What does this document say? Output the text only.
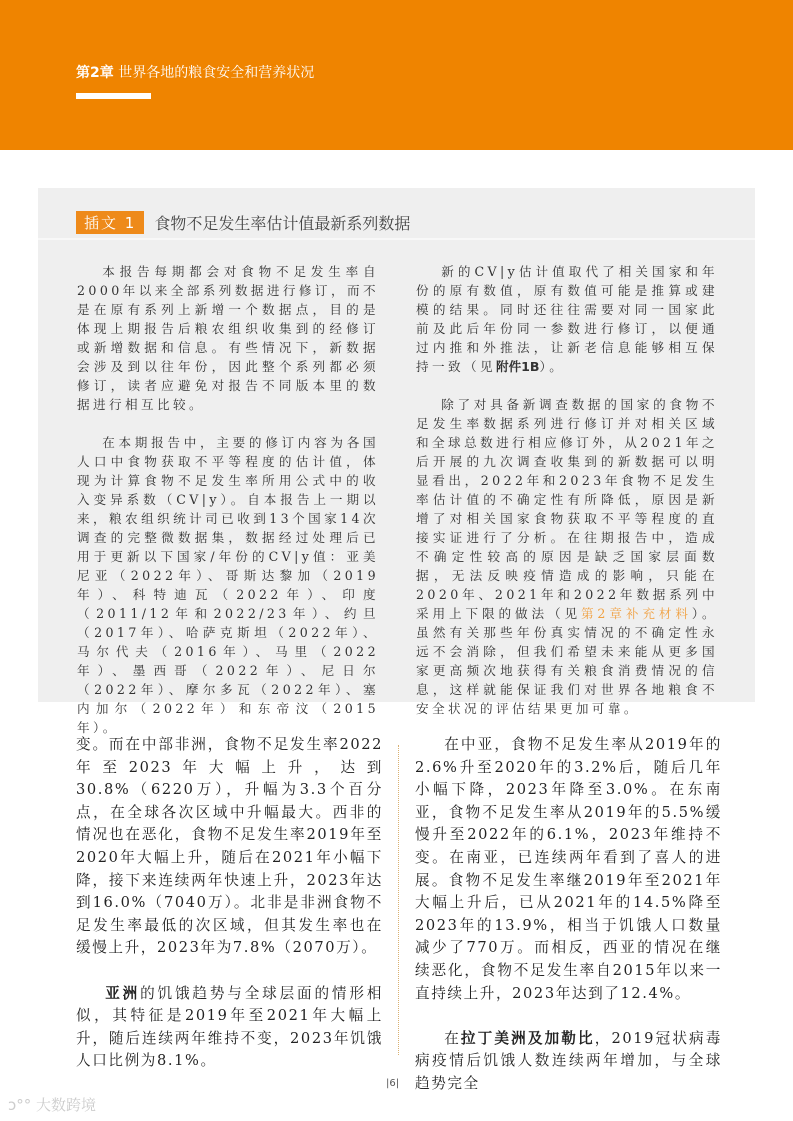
第2章 世界各地的粮食安全和营养状况
插文 1	食物不足发生率估计值最新系列数据

本报告每期都会对食物不足发生率自2000年以来全部系列数据进行修订，而不是在原有系列上新增一个数据点，目的是体现上期报告后粮农组织收集到的经修订或新增数据和信息。有些情况下，新数据会涉及到以往年份，因此整个系列都必须修订，读者应避免对报告不同版本里的数据进行相互比较。

在本期报告中，主要的修订内容为各国人口中食物获取不平等程度的估计值，体现为计算食物不足发生率所用公式中的收入变异系数（CV|y）。自本报告上一期以来，粮农组织统计司已收到13个国家14次调查的完整微数据集，数据经过处理后已用于更新以下国家/年份的CV|y值：亚美尼亚（2022年）、哥斯达黎加（2019年）、科特迪瓦（2022年）、印度（2011/12年和2022/23年）、约旦（2017年）、哈萨克斯坦（2022年）、马尔代夫（2016年）、马里（2022年）、墨西哥（2022年）、尼日尔（2022年）、摩尔多瓦（2022年）、塞内加尔（2022年）和东帝汶（2015年）。

新的CV|y估计值取代了相关国家和年份的原有数值，原有数值可能是推算或建模的结果。同时还往往需要对同一国家此前及此后年份同一参数进行修订，以便通过内推和外推法，让新老信息能够相互保持一致（见附件1B）。

除了对具备新调查数据的国家的食物不足发生率数据系列进行修订并对相关区域和全球总数进行相应修订外，从2021年之后开展的九次调查收集到的新数据可以明显看出，2022年和2023年食物不足发生率估计值的不确定性有所降低，原因是新增了对相关国家食物获取不平等程度的直接实证进行了分析。在往期报告中，造成不确定性较高的原因是缺乏国家层面数据，无法反映疫情造成的影响，只能在2020年、2021年和2022年数据系列中采用上下限的做法（见第2章补充材料）。虽然有关那些年份真实情况的不确定性永远不会消除，但我们希望未来能从更多国家更高频次地获得有关粮食消费情况的信息，这样就能保证我们对世界各地粮食不安全状况的评估结果更加可靠。

变。而在中部非洲，食物不足发生率2022年至2023年大幅上升，达到30.8%（6220万），升幅为3.3个百分点，在全球各次区域中升幅最大。西非的情况也在恶化，食物不足发生率2019年至2020年大幅上升，随后在2021年小幅下降，接下来连续两年快速上升，2023年达到16.0%（7040万）。北非是非洲食物不足发生率最低的次区域，但其发生率也在缓慢上升，2023年为7.8%（2070万）。

亚洲的饥饿趋势与全球层面的情形相似，其特征是2019年至2021年大幅上升，随后连续两年维持不变，2023年饥饿人口比例为8.1%。

在中亚，食物不足发生率从2019年的2.6%升至2020年的3.2%后，随后几年小幅下降，2023年降至3.0%。在东南亚，食物不足发生率从2019年的5.5%缓慢升至2022年的6.1%，2023年维持不变。在南亚，已连续两年看到了喜人的进展。食物不足发生率继2019年至2021年大幅上升后，已从2021年的14.5%降至2023年的13.9%，相当于饥饿人口数量减少了770万。而相反，西亚的情况在继续恶化，食物不足发生率自2015年以来一直持续上升，2023年达到了12.4%。

在拉丁美洲及加勒比，2019冠状病毒病疫情后饥饿人数连续两年增加，与全球趋势完全

|6|
ↄ°° 大数跨境
